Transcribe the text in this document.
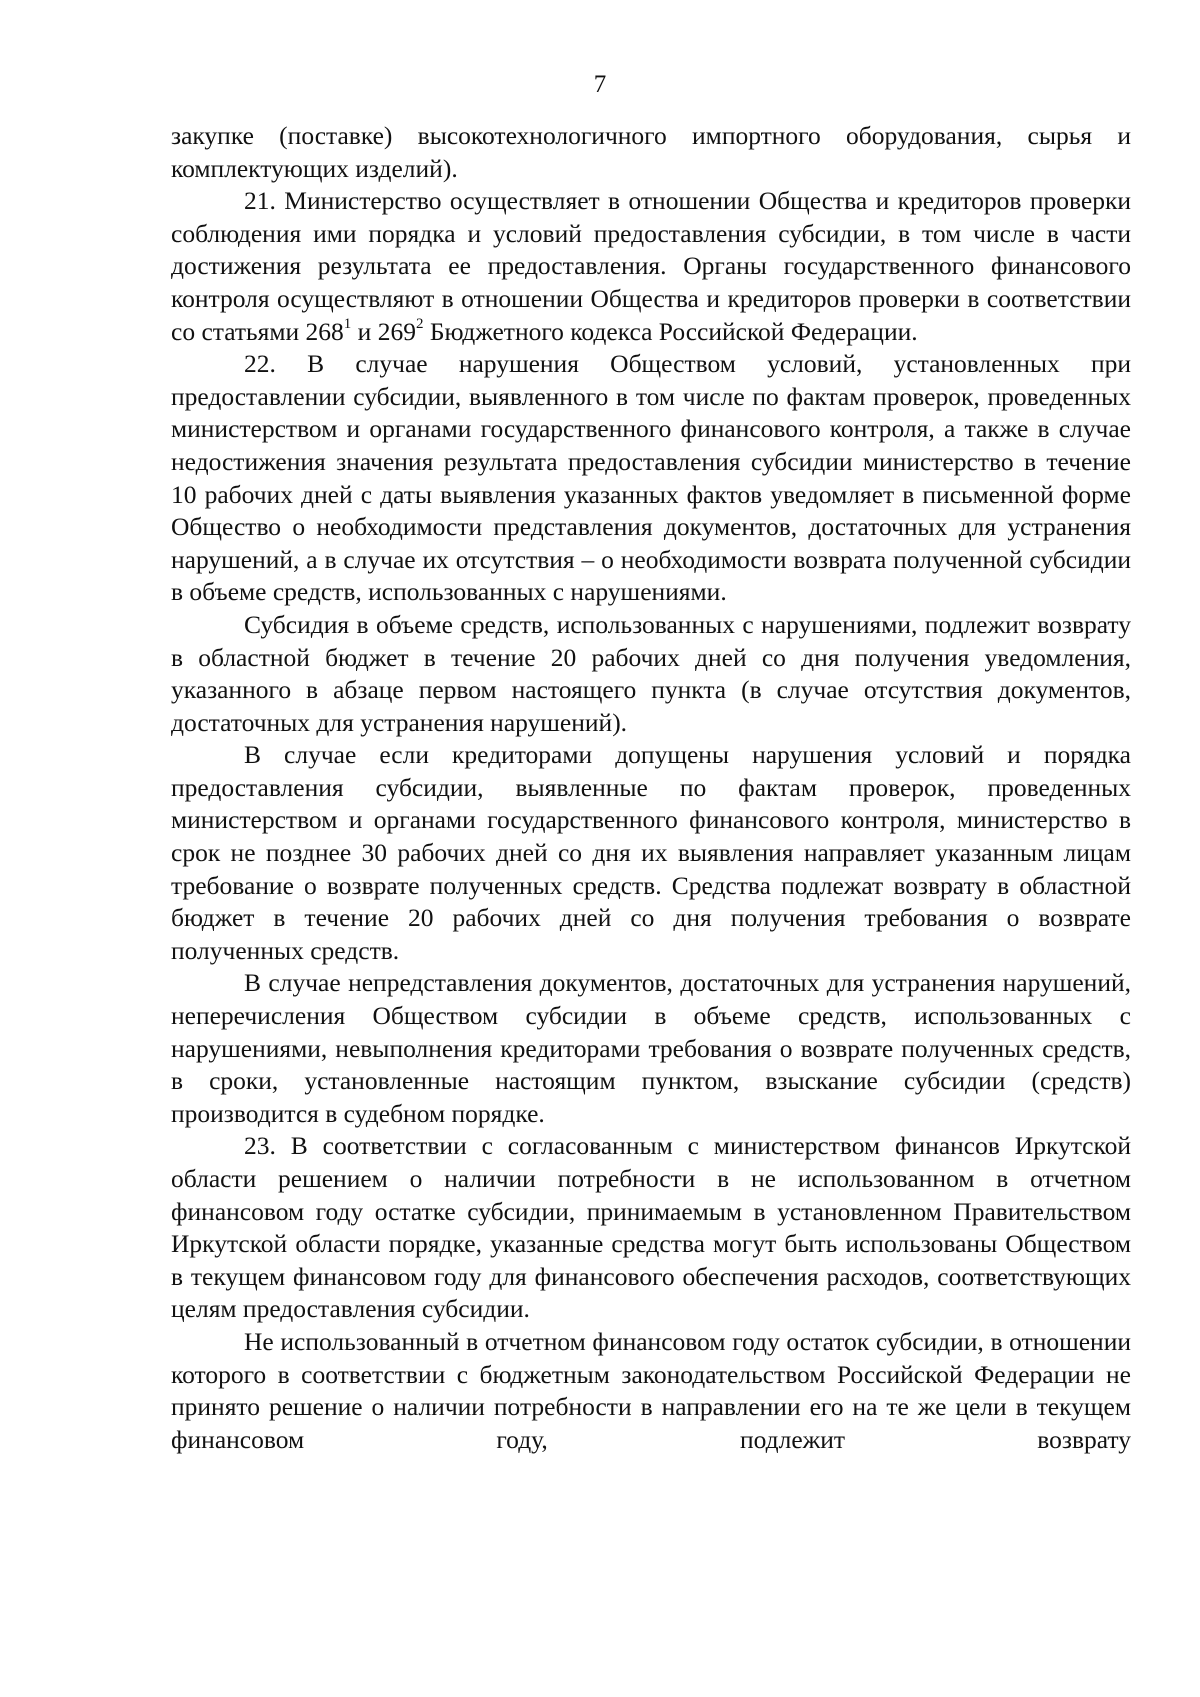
7

закупке (поставке) высокотехнологичного импортного оборудования, сырья и комплектующих изделий).

21. Министерство осуществляет в отношении Общества и кредиторов проверки соблюдения ими порядка и условий предоставления субсидии, в том числе в части достижения результата ее предоставления. Органы государственного финансового контроля осуществляют в отношении Общества и кредиторов проверки в соответствии со статьями $268^1$ и $269^2$ Бюджетного кодекса Российской Федерации.

22. В случае нарушения Обществом условий, установленных при предоставлении субсидии, выявленного в том числе по фактам проверок, проведенных министерством и органами государственного финансового контроля, а также в случае недостижения значения результата предоставления субсидии министерство в течение 10 рабочих дней с даты выявления указанных фактов уведомляет в письменной форме Общество о необходимости представления документов, достаточных для устранения нарушений, а в случае их отсутствия – о необходимости возврата полученной субсидии в объеме средств, использованных с нарушениями.

Субсидия в объеме средств, использованных с нарушениями, подлежит возврату в областной бюджет в течение 20 рабочих дней со дня получения уведомления, указанного в абзаце первом настоящего пункта (в случае отсутствия документов, достаточных для устранения нарушений).

В случае если кредиторами допущены нарушения условий и порядка предоставления субсидии, выявленные по фактам проверок, проведенных министерством и органами государственного финансового контроля, министерство в срок не позднее 30 рабочих дней со дня их выявления направляет указанным лицам требование о возврате полученных средств. Средства подлежат возврату в областной бюджет в течение 20 рабочих дней со дня получения требования о возврате полученных средств.

В случае непредставления документов, достаточных для устранения нарушений, неперечисления Обществом субсидии в объеме средств, использованных с нарушениями, невыполнения кредиторами требования о возврате полученных средств, в сроки, установленные настоящим пунктом, взыскание субсидии (средств) производится в судебном порядке.

23. В соответствии с согласованным с министерством финансов Иркутской области решением о наличии потребности в не использованном в отчетном финансовом году остатке субсидии, принимаемым в установленном Правительством Иркутской области порядке, указанные средства могут быть использованы Обществом в текущем финансовом году для финансового обеспечения расходов, соответствующих целям предоставления субсидии.

Не использованный в отчетном финансовом году остаток субсидии, в отношении которого в соответствии с бюджетным законодательством Российской Федерации не принято решение о наличии потребности в направлении его на те же цели в текущем финансовом году, подлежит возврату
